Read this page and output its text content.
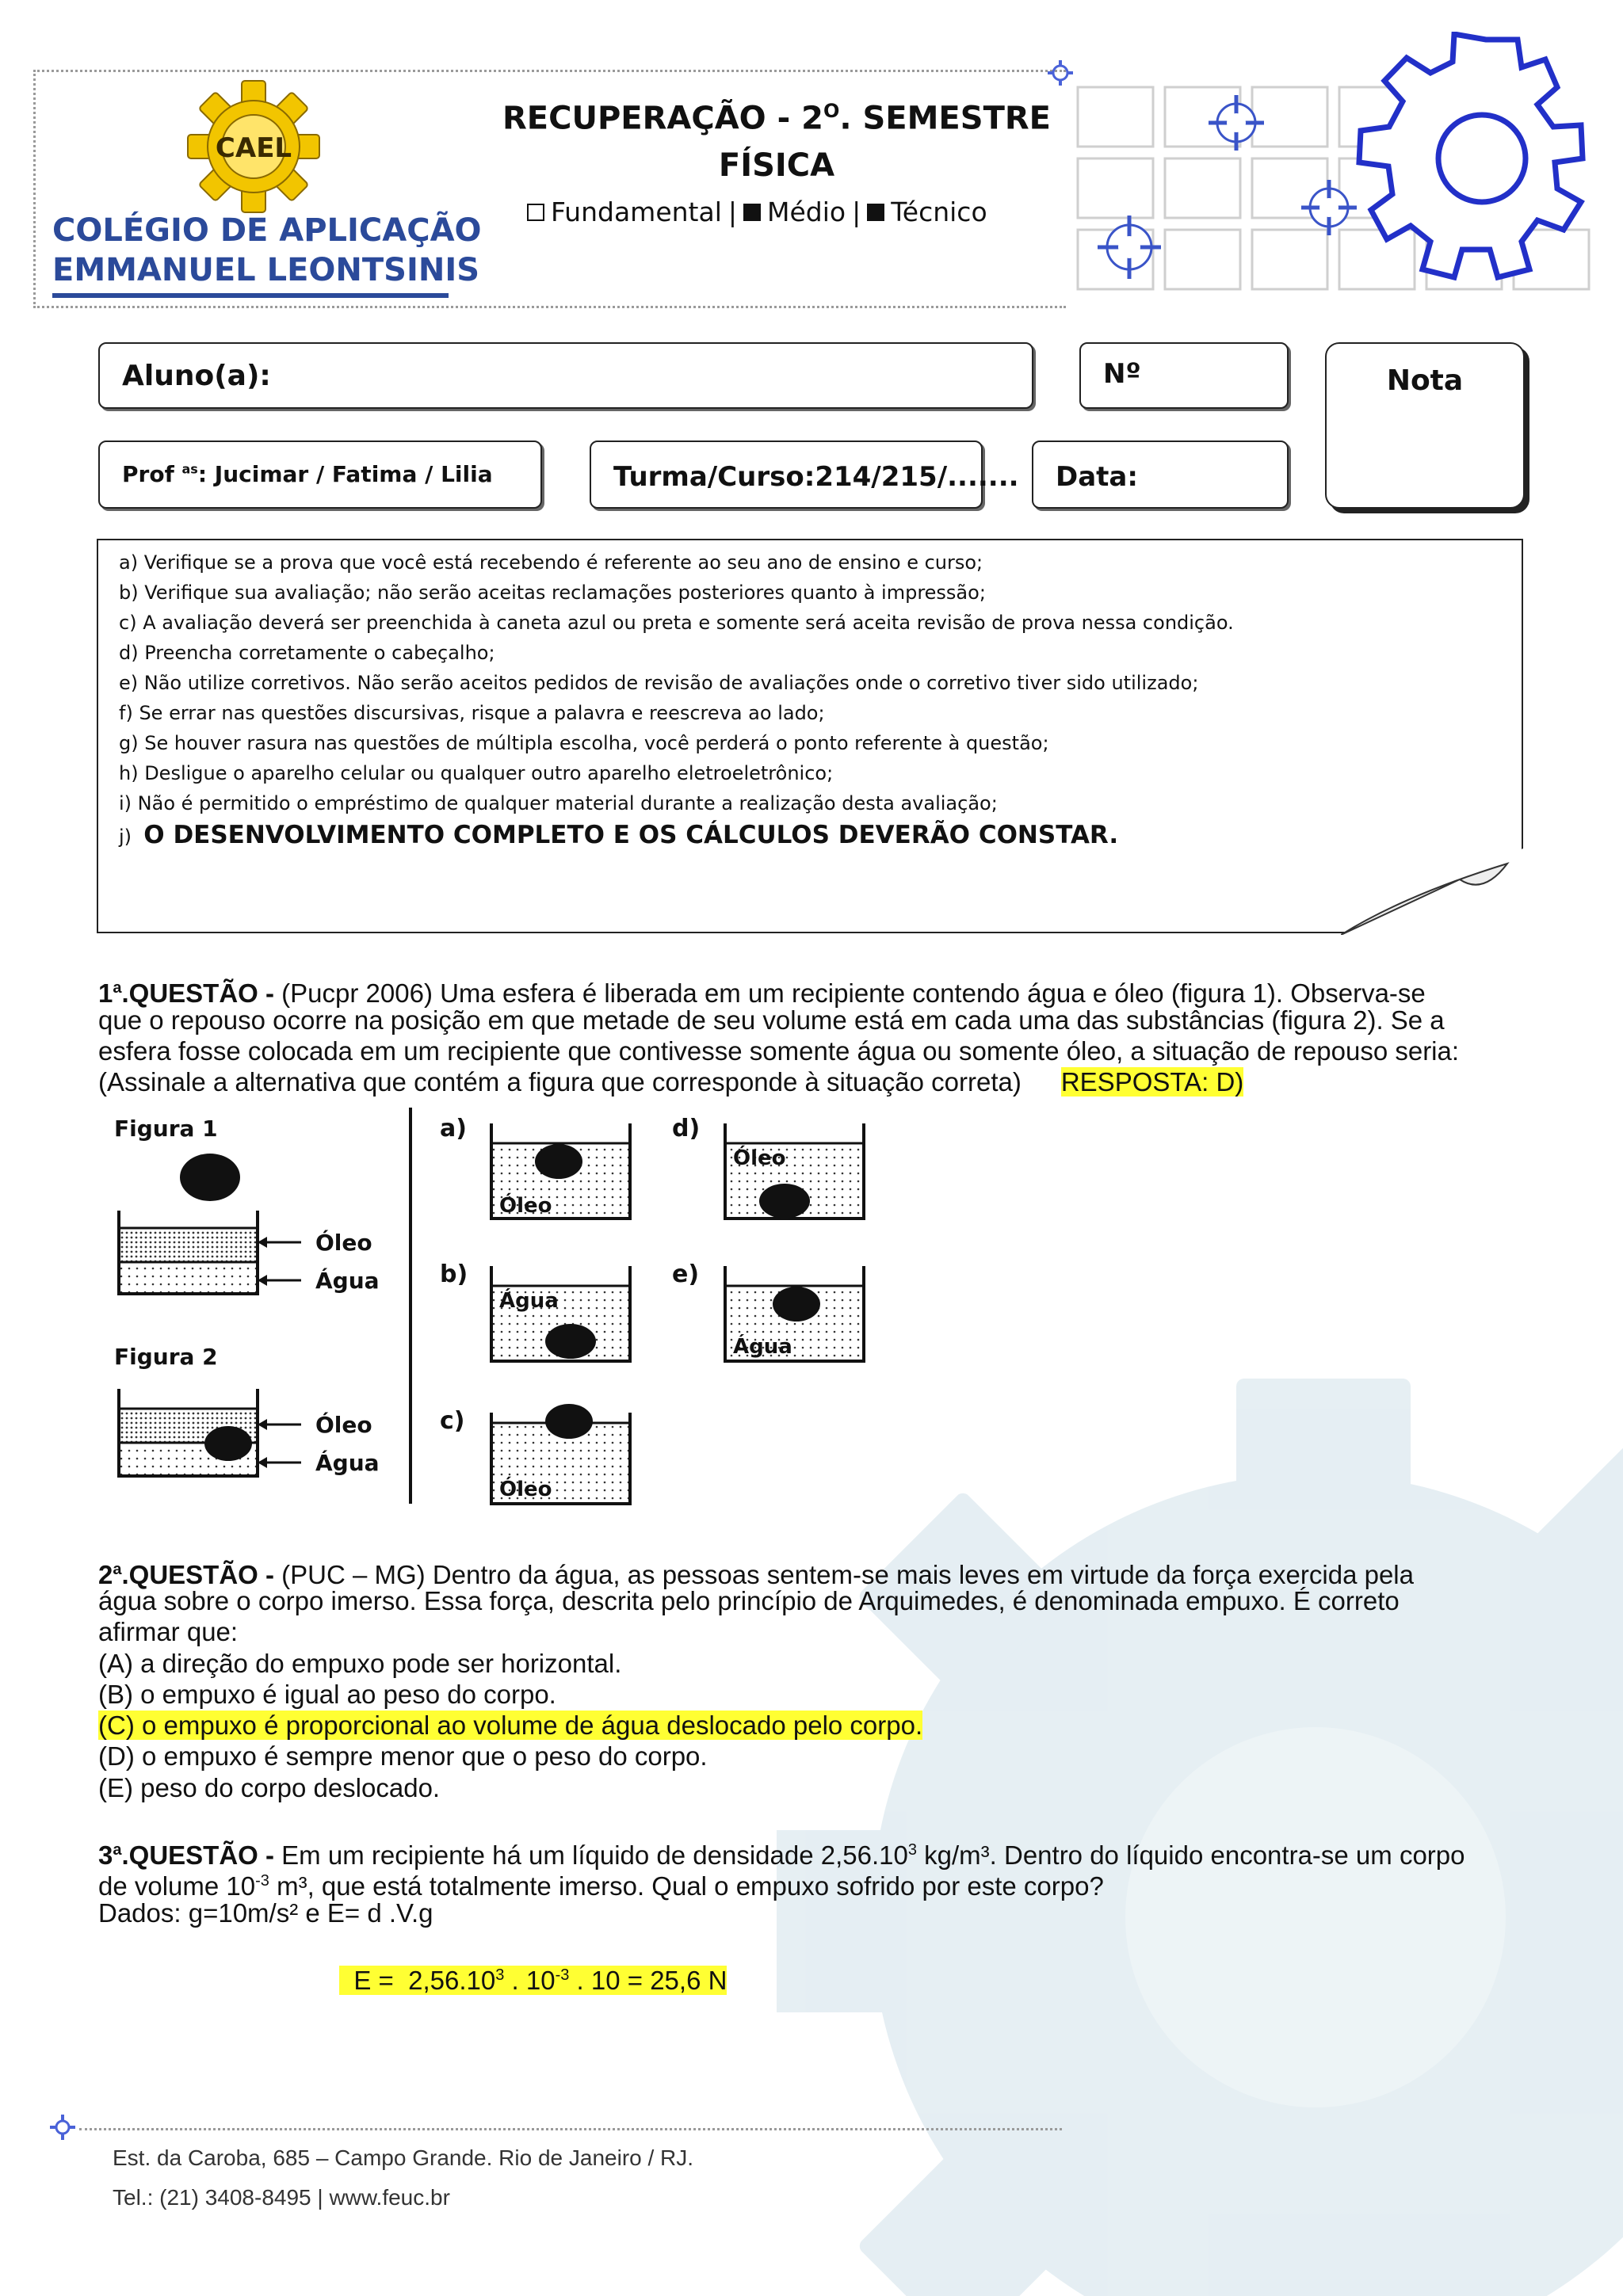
CAEL
COLÉGIO DE APLICAÇÃO
EMMANUEL LEONTSINIS
RECUPERAÇÃO - $2^O$. SEMESTRE
FÍSICA
Fundamental | Médio | Técnico
Aluno(a):	Nº	Nota
Prof $^{as}$: Jucimar / Fatima / Lilia	Turma/Curso:214/215/....... Data:
a) Verifique se a prova que você está recebendo é referente ao seu ano de ensino e curso;
b) Verifique sua avaliação; não serão aceitas reclamações posteriores quanto à impressão;
c) A avaliação deverá ser preenchida à caneta azul ou preta e somente será aceita revisão de prova nessa condição.
d) Preencha corretamente o cabeçalho;
e) Não utilize corretivos. Não serão aceitos pedidos de revisão de avaliações onde o corretivo tiver sido utilizado;
f) Se errar nas questões discursivas, risque a palavra e reescreva ao lado;
g) Se houver rasura nas questões de múltipla escolha, você perderá o ponto referente à questão;
h) Desligue o aparelho celular ou qualquer outro aparelho eletroeletrônico;
i) Não é permitido o empréstimo de qualquer material durante a realização desta avaliação;
j) O DESENVOLVIMENTO COMPLETO E OS CÁLCULOS DEVERÃO CONSTAR.
1$^a$.QUESTÃO - (Pucpr 2006) Uma esfera é liberada em um recipiente contendo água e óleo (figura 1). Observa-se
que o repouso ocorre na posição em que metade de seu volume está em cada uma das substâncias (figura 2). Se a
esfera fosse colocada em um recipiente que contivesse somente água ou somente óleo, a situação de repouso seria:
(Assinale a alternativa que contém a figura que corresponde à situação correta) RESPOSTA: D)
Figura 1
Óleo
Água
Figura 2
Óleo
Água
a)
Óleo
b)
Água
c)
Óleo
d)
Óleo
e)
Água
2$^a$.QUESTÃO - (PUC – MG) Dentro da água, as pessoas sentem-se mais leves em virtude da força exercida pela
água sobre o corpo imerso. Essa força, descrita pelo princípio de Arquimedes, é denominada empuxo. É correto
afirmar que:
(A) a direção do empuxo pode ser horizontal.
(B) o empuxo é igual ao peso do corpo.
(C) o empuxo é proporcional ao volume de água deslocado pelo corpo.
(D) o empuxo é sempre menor que o peso do corpo.
(E) peso do corpo deslocado.
3$^a$.QUESTÃO - Em um recipiente há um líquido de densidade 2,56.10$^3$ kg/m³. Dentro do líquido encontra-se um corpo
de volume $10^{-3}$ m³, que está totalmente imerso. Qual o empuxo sofrido por este corpo?
Dados: g=10m/s² e E= d .V.g
E =  2,56.10$^3$ . $10^{-3}$ . 10 = 25,6 N
Est. da Caroba, 685 – Campo Grande. Rio de Janeiro / RJ.
Tel.: (21) 3408-8495 | www.feuc.br
